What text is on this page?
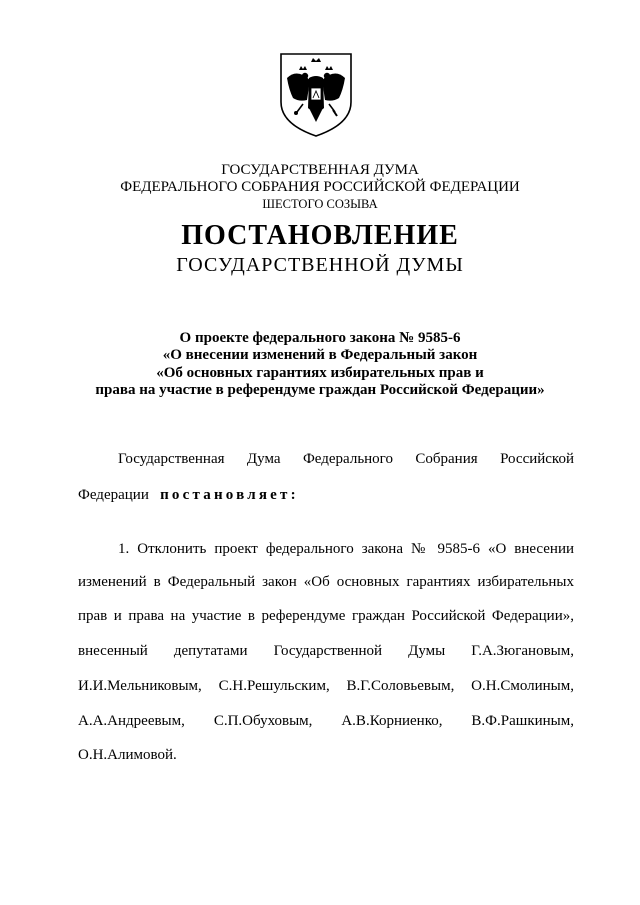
ГОСУДАРСТВЕННАЯ ДУМА
ФЕДЕРАЛЬНОГО СОБРАНИЯ РОССИЙСКОЙ ФЕДЕРАЦИИ
ШЕСТОГО СОЗЫВА
ПОСТАНОВЛЕНИЕ
ГОСУДАРСТВЕННОЙ ДУМЫ
О проекте федерального закона № 9585-6
«О внесении изменений в Федеральный закон
«Об основных гарантиях избирательных прав и
права на участие в референдуме граждан Российской Федерации»
Государственная Дума Федерального Собрания Российской
Федерации постановляет:
1. Отклонить проект федерального закона № 9585-6 «О внесении
изменений в Федеральный закон «Об основных гарантиях избирательных
прав и права на участие в референдуме граждан Российской Федерации»,
внесенный депутатами Государственной Думы Г.А.Зюгановым,
И.И.Мельниковым, С.Н.Решульским, В.Г.Соловьевым, О.Н.Смолиным,
А.А.Андреевым, С.П.Обуховым, А.В.Корниенко, В.Ф.Рашкиным,
О.Н.Алимовой.
